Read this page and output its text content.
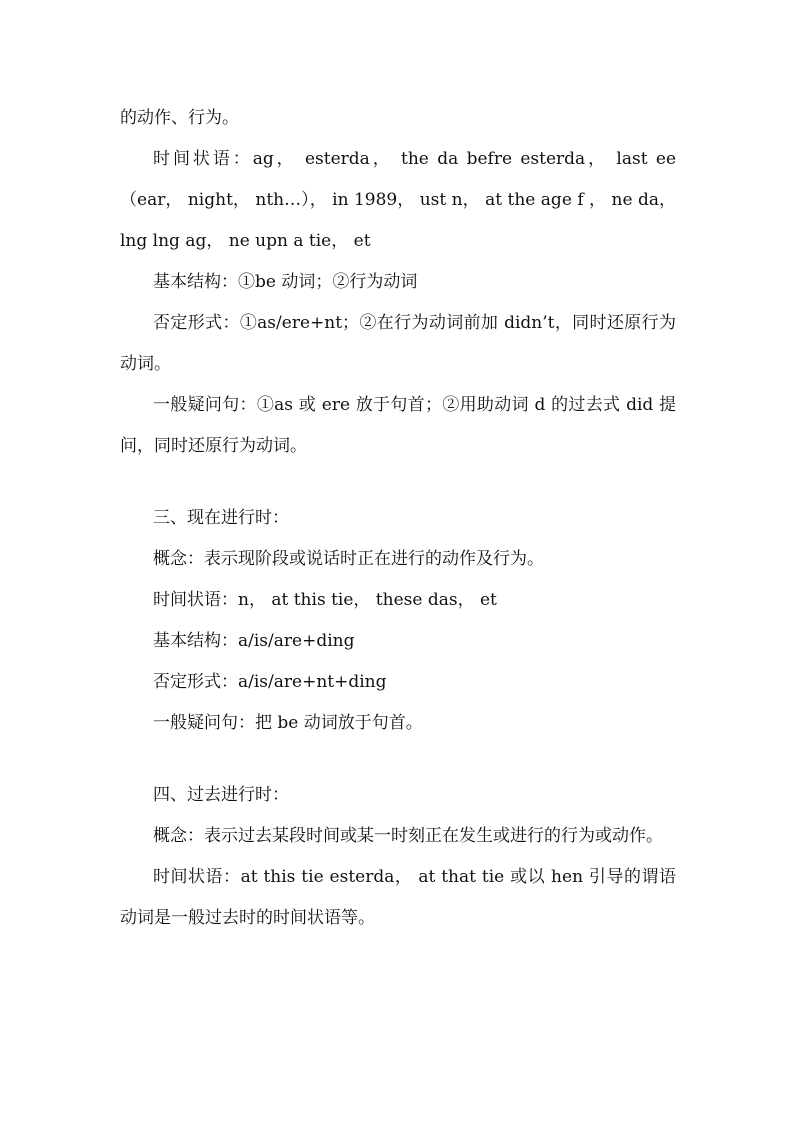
的动作、行为。

时间状语：ag， esterda， the da befre esterda， last ee（ear， night， nth…）， in 1989， ust n， at the age f ， ne da， lng lng ag， ne upn a tie， et

基本结构：①be 动词；②行为动词

否定形式：①as/ere+nt；②在行为动词前加 didn’t，同时还原行为动词。

一般疑问句：①as 或 ere 放于句首；②用助动词 d 的过去式 did 提问，同时还原行为动词。

三、现在进行时：

概念：表示现阶段或说话时正在进行的动作及行为。

时间状语：n， at this tie， these das， et

基本结构：a/is/are+ding

否定形式：a/is/are+nt+ding

一般疑问句：把 be 动词放于句首。

四、过去进行时：

概念：表示过去某段时间或某一时刻正在发生或进行的行为或动作。

时间状语：at this tie esterda， at that tie 或以 hen 引导的谓语动词是一般过去时的时间状语等。
